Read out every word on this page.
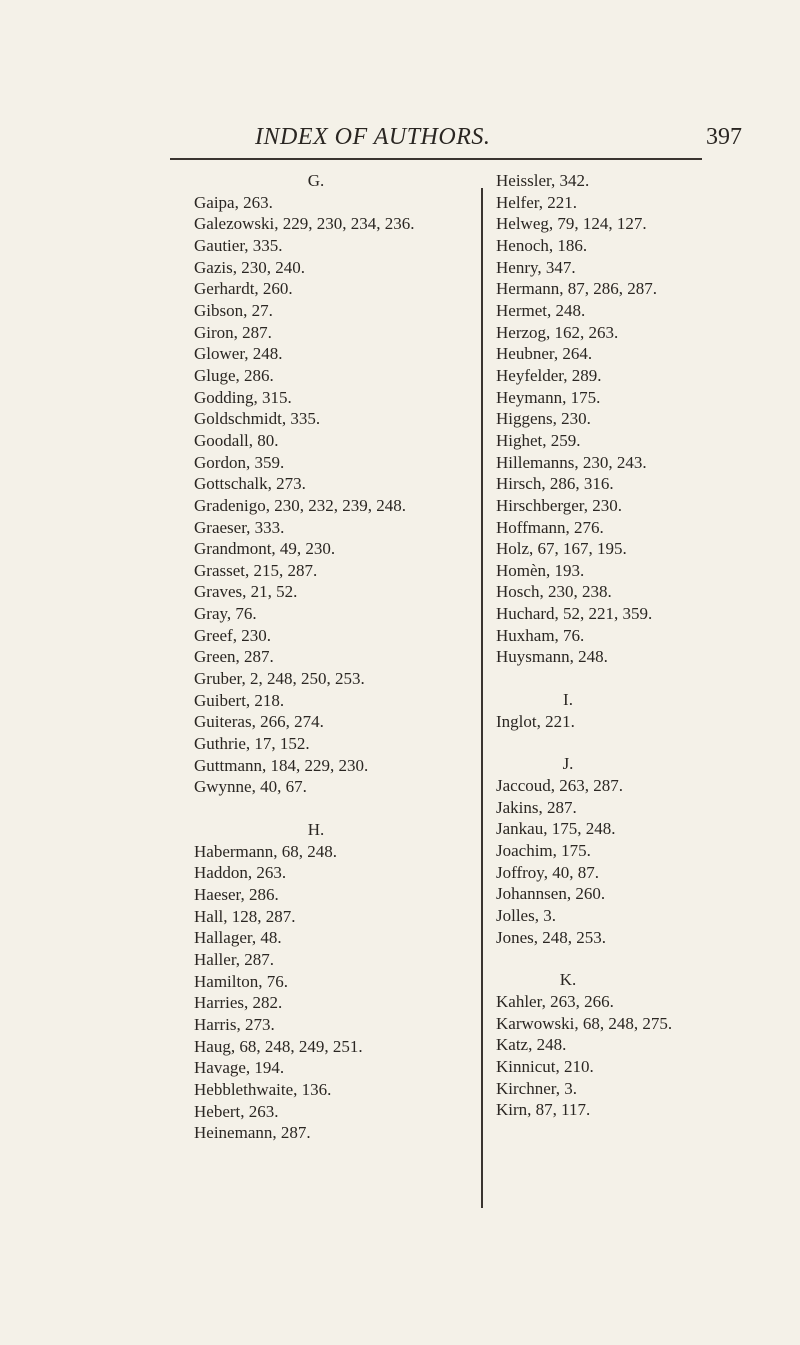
INDEX OF AUTHORS.	397

G.

Gaipa, 263.

Galezowski, 229, 230, 234, 236.

Gautier, 335.

Gazis, 230, 240.

Gerhardt, 260.

Gibson, 27.

Giron, 287.

Glower, 248.

Gluge, 286.

Godding, 315.

Goldschmidt, 335.

Goodall, 80.

Gordon, 359.

Gottschalk, 273.

Gradenigo, 230, 232, 239, 248.

Graeser, 333.

Grandmont, 49, 230.

Grasset, 215, 287.

Graves, 21, 52.

Gray, 76.

Greef, 230.

Green, 287.

Gruber, 2, 248, 250, 253.

Guibert, 218.

Guiteras, 266, 274.

Guthrie, 17, 152.

Guttmann, 184, 229, 230.

Gwynne, 40, 67.

H.

Habermann, 68, 248.

Haddon, 263.

Haeser, 286.

Hall, 128, 287.

Hallager, 48.

Haller, 287.

Hamilton, 76.

Harries, 282.

Harris, 273.

Haug, 68, 248, 249, 251.

Havage, 194.

Hebblethwaite, 136.

Hebert, 263.

Heinemann, 287.

Heissler, 342.

Helfer, 221.

Helweg, 79, 124, 127.

Henoch, 186.

Henry, 347.

Hermann, 87, 286, 287.

Hermet, 248.

Herzog, 162, 263.

Heubner, 264.

Heyfelder, 289.

Heymann, 175.

Higgens, 230.

Highet, 259.

Hillemanns, 230, 243.

Hirsch, 286, 316.

Hirschberger, 230.

Hoffmann, 276.

Holz, 67, 167, 195.

Homèn, 193.

Hosch, 230, 238.

Huchard, 52, 221, 359.

Huxham, 76.

Huysmann, 248.

I.

Inglot, 221.

J.

Jaccoud, 263, 287.

Jakins, 287.

Jankau, 175, 248.

Joachim, 175.

Joffroy, 40, 87.

Johannsen, 260.

Jolles, 3.

Jones, 248, 253.

K.

Kahler, 263, 266.

Karwowski, 68, 248, 275.

Katz, 248.

Kinnicut, 210.

Kirchner, 3.

Kirn, 87, 117.
